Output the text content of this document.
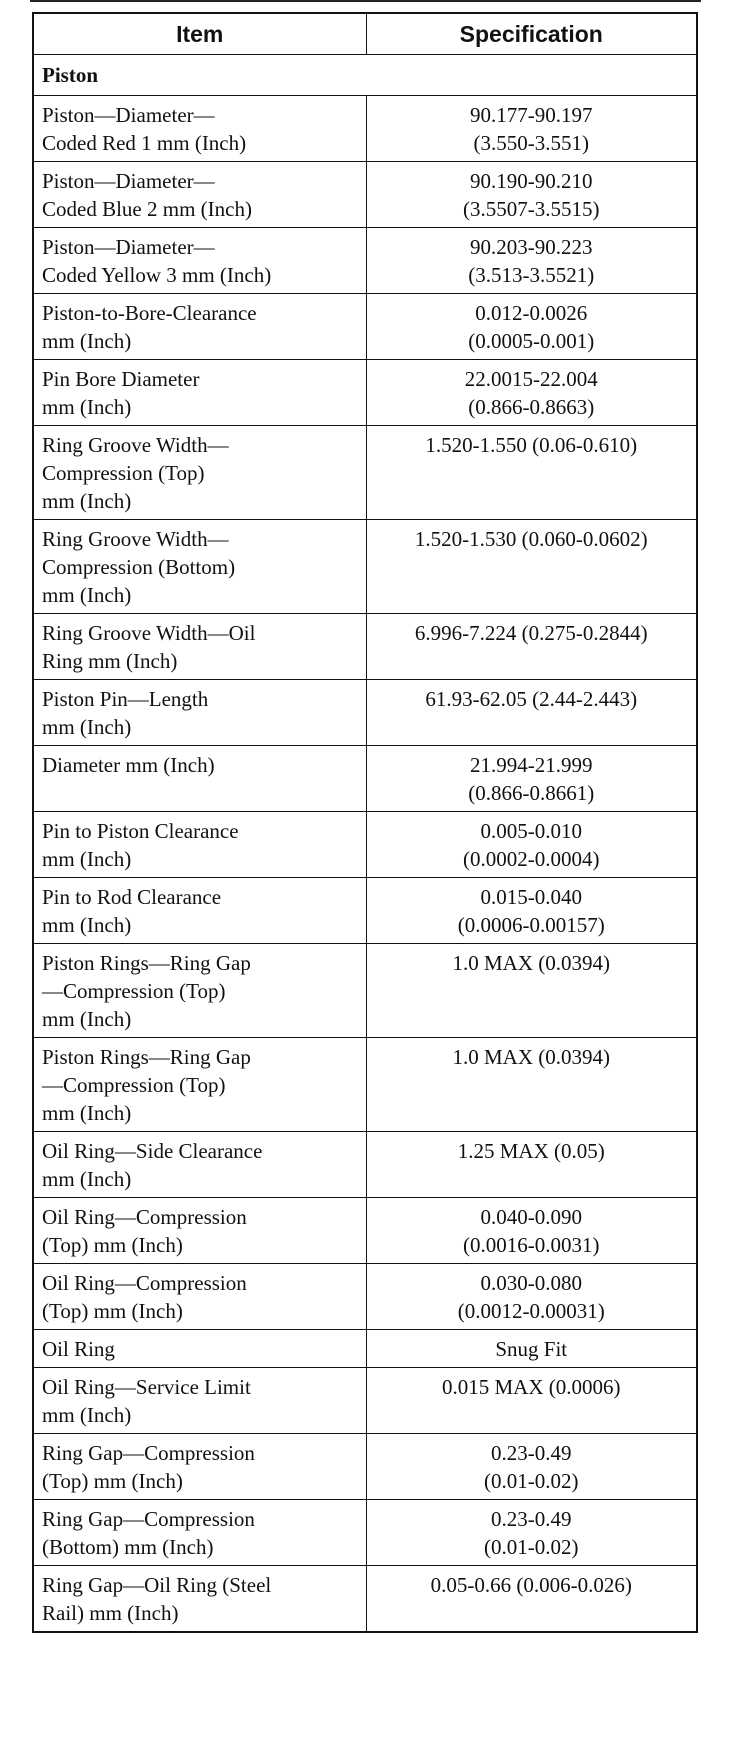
Item	Specification
Piston	

Piston—Diameter—
Coded Red 1 mm (Inch)	90.177-90.197
(3.550-3.551)

Piston—Diameter—
Coded Blue 2 mm (Inch)	90.190-90.210
(3.5507-3.5515)

Piston—Diameter—
Coded Yellow 3 mm (Inch)	90.203-90.223
(3.513-3.5521)

Piston-to-Bore-Clearance
mm (Inch)	0.012-0.0026
(0.0005-0.001)

Pin Bore Diameter
mm (Inch)	22.0015-22.004
(0.866-0.8663)

Ring Groove Width—
Compression (Top)
mm (Inch)	1.520-1.550 (0.06-0.610)

Ring Groove Width—
Compression (Bottom)
mm (Inch)	1.520-1.530 (0.060-0.0602)

Ring Groove Width—Oil
Ring mm (Inch)	6.996-7.224 (0.275-0.2844)

Piston Pin—Length
mm (Inch)	61.93-62.05 (2.44-2.443)

Diameter mm (Inch)	21.994-21.999
(0.866-0.8661)

Pin to Piston Clearance
mm (Inch)	0.005-0.010
(0.0002-0.0004)

Pin to Rod Clearance
mm (Inch)	0.015-0.040
(0.0006-0.00157)

Piston Rings—Ring Gap
—Compression (Top)
mm (Inch)	1.0 MAX (0.0394)

Piston Rings—Ring Gap
—Compression (Top)
mm (Inch)	1.0 MAX (0.0394)

Oil Ring—Side Clearance
mm (Inch)	1.25 MAX (0.05)

Oil Ring—Compression
(Top) mm (Inch)	0.040-0.090
(0.0016-0.0031)

Oil Ring—Compression
(Top) mm (Inch)	0.030-0.080
(0.0012-0.00031)

Oil Ring	Snug Fit

Oil Ring—Service Limit
mm (Inch)	0.015 MAX (0.0006)

Ring Gap—Compression
(Top) mm (Inch)	0.23-0.49
(0.01-0.02)

Ring Gap—Compression
(Bottom) mm (Inch)	0.23-0.49
(0.01-0.02)

Ring Gap—Oil Ring (Steel
Rail) mm (Inch)	0.05-0.66 (0.006-0.026)
